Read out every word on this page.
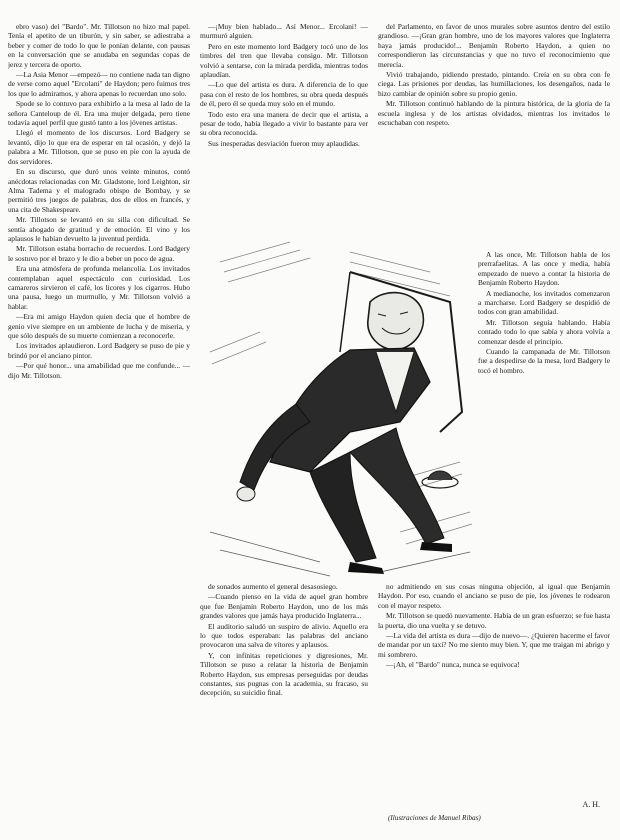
ebro vaso) del "Bardo". Mr. Tillotson no hizo mal papel. Tenía el apetito de un tiburón, y sin saber, se adiestraba a beber y comer de todo lo que le ponían delante, con pausas en la conversación que se anudaba en segundas copas de jerez y tercera de oporto.

—La Asia Menor —empezó— no contiene nada tan digno de verse como aquel "Ercolani" de Haydon; pero fuimos tres los que lo admiramos, y ahora apenas lo recuerdan uno solo.

Spode se lo contuvo para exhibirlo a la mesa al lado de la señora Canteloup de él. Era una mujer delgada, pero tiene todavía aquel perfil que gustó tanto a los jóvenes artistas.

Llegó el momento de los discursos. Lord Badgery se levantó, dijo lo que era de esperar en tal ocasión, y dejó la palabra a Mr. Tillotson, que se puso en pie con la ayuda de dos servidores.

En su discurso, que duró unos veinte minutos, contó anécdotas relacionadas con Mr. Gladstone, lord Leighton, sir Alma Tadema y el malogrado obispo de Bombay, y se permitió tres juegos de palabras, dos de ellos en francés, y una cita de Shakespeare.

Mr. Tillotson se levantó en su silla con dificultad. Se sentía ahogado de gratitud y de emoción. El vino y los aplausos le habían devuelto la juventud perdida.

Mr. Tillotson estaba borracho de recuerdos. Lord Badgery le sostuvo por el brazo y le dio a beber un poco de agua.

Era una atmósfera de profunda melancolía. Los invitados contemplaban aquel espectáculo con curiosidad. Los camareros sirvieron el café, los licores y los cigarros. Hubo una pausa, luego un murmullo, y Mr. Tillotson volvió a hablar.

—Era mi amigo Haydon quien decía que el hombre de genio vive siempre en un ambiente de lucha y de miseria, y que sólo después de su muerte comienzan a reconocerle.

Los invitados aplaudieron. Lord Badgery se puso de pie y brindó por el anciano pintor.

—Por qué honor... una amabilidad que me confunde... —dijo Mr. Tillotson.

—¡Muy bien hablado... Así Menor... Ercolani! —murmuró alguien.

Pero en este momento lord Badgery tocó uno de los timbres del tren que llevaba consigo. Mr. Tillotson volvió a sentarse, con la mirada perdida, mientras todos aplaudían.

—Lo que del artista es dura. A diferencia de lo que pasa con el resto de los hombres, su obra queda después de él, pero él se queda muy solo en el mundo.

Todo esto era una manera de decir que el artista, a pesar de todo, había llegado a vivir lo bastante para ver su obra reconocida.

Sus inesperadas desviación fueron muy aplaudidas.

del Parlamento, en favor de unos murales sobre asuntos dentro del estilo grandioso. —¡Gran gran hombre, uno de los mayores valores que Inglaterra haya jamás producido!... Benjamín Roberto Haydon, a quien no correspondieron las circunstancias y que no tuvo el reconocimiento que merecía.

Vivió trabajando, pidiendo prestado, pintando. Creía en su obra con fe ciega. Las prisiones por deudas, las humillaciones, los desengaños, nada le hizo cambiar de opinión sobre su propio genio.

Mr. Tillotson continuó hablando de la pintura histórica, de la gloria de la escuela inglesa y de los artistas olvidados, mientras los invitados le escuchaban con respeto.

A las once, Mr. Tillotson habla de los prerrafaelitas. A las once y media, había empezado de nuevo a contar la historia de Benjamín Roberto Haydon.

A medianoche, los invitados comenzaron a marcharse. Lord Badgery se despidió de todos con gran amabilidad.

Mr. Tillotson seguía hablando. Había contado todo lo que sabía y ahora volvía a comenzar desde el principio.

Cuando la campanada de Mr. Tillotson fue a despedirse de la mesa, lord Badgery le tocó el hombro.

de sonados aumento el general desasosiego.

—Cuando pienso en la vida de aquel gran hombre que fue Benjamín Roberto Haydon, uno de los más grandes valores que jamás haya producido Inglaterra...

El auditorio saludó un suspiro de alivio. Aquello era lo que todos esperaban: las palabras del anciano provocaron una salva de vítores y aplausos.

Y, con infinitas repeticiones y digresiones, Mr. Tillotson se puso a relatar la historia de Benjamín Roberto Haydon, sus empresas perseguidas por deudas constantes, sus pugnas con la academia, su fracaso, su decepción, su suicidio final.

no admitiendo en sus cosas ninguna objeción, al igual que Benjamín Haydon. Por eso, cuando el anciano se puso de pie, los jóvenes le rodearon con el mayor respeto.

Mr. Tillotson se quedó nuevamente. Había de un gran esfuerzo; se fue hasta la puerta, dio una vuelta y se detuvo.

—La vida del artista es dura —dijo de nuevo—. ¿Quieren hacerme el favor de mandar por un taxi? No me siento muy bien. Y, que me traigan mi abrigo y mi sombrero.

—¡Ah, el "Bardo" nunca, nunca se equivoca!

A. H.
(Ilustraciones de Manuel Ribas)
